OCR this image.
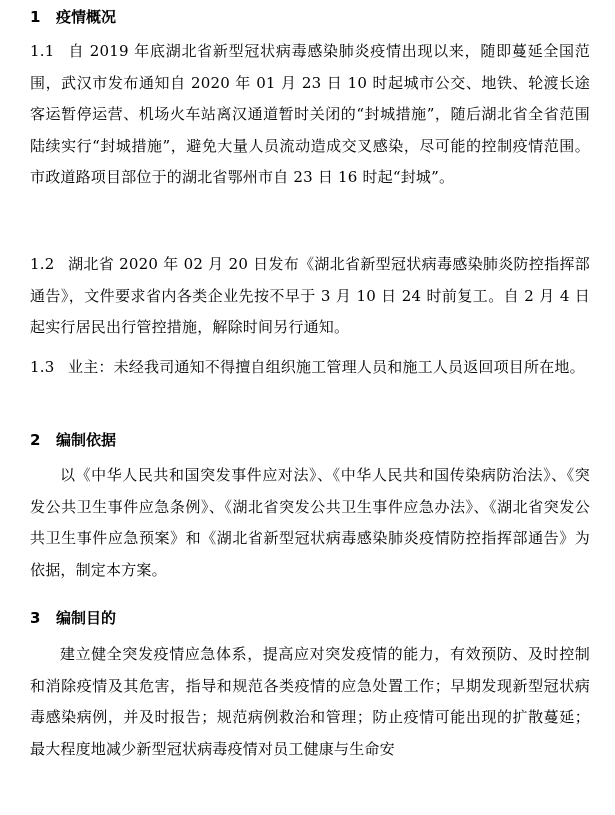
1 疫情概况
1.1 自 2019 年底湖北省新型冠状病毒感染肺炎疫情出现以来，随即蔓延全国范围，武汉市发布通知自 2020 年 01 月 23 日 10 时起城市公交、地铁、轮渡长途客运暂停运营、机场火车站离汉通道暂时关闭的“封城措施”，随后湖北省全省范围陆续实行“封城措施”，避免大量人员流动造成交叉感染，尽可能的控制疫情范围。市政道路项目部位于的湖北省鄂州市自 23 日 16 时起“封城”。
1.2 湖北省 2020 年 02 月 20 日发布《湖北省新型冠状病毒感染肺炎防控指挥部通告》，文件要求省内各类企业先按不早于 3 月 10 日 24 时前复工。自 2 月 4 日起实行居民出行管控措施，解除时间另行通知。
1.3 业主：未经我司通知不得擅自组织施工管理人员和施工人员返回项目所在地。
2 编制依据
以《中华人民共和国突发事件应对法》、《中华人民共和国传染病防治法》、《突发公共卫生事件应急条例》、《湖北省突发公共卫生事件应急办法》、《湖北省突发公共卫生事件应急预案》和《湖北省新型冠状病毒感染肺炎疫情防控指挥部通告》为依据，制定本方案。
3 编制目的
建立健全突发疫情应急体系，提高应对突发疫情的能力，有效预防、及时控制和消除疫情及其危害，指导和规范各类疫情的应急处置工作；早期发现新型冠状病毒感染病例，并及时报告；规范病例救治和管理；防止疫情可能出现的扩散蔓延；最大程度地减少新型冠状病毒疫情对员工健康与生命安
